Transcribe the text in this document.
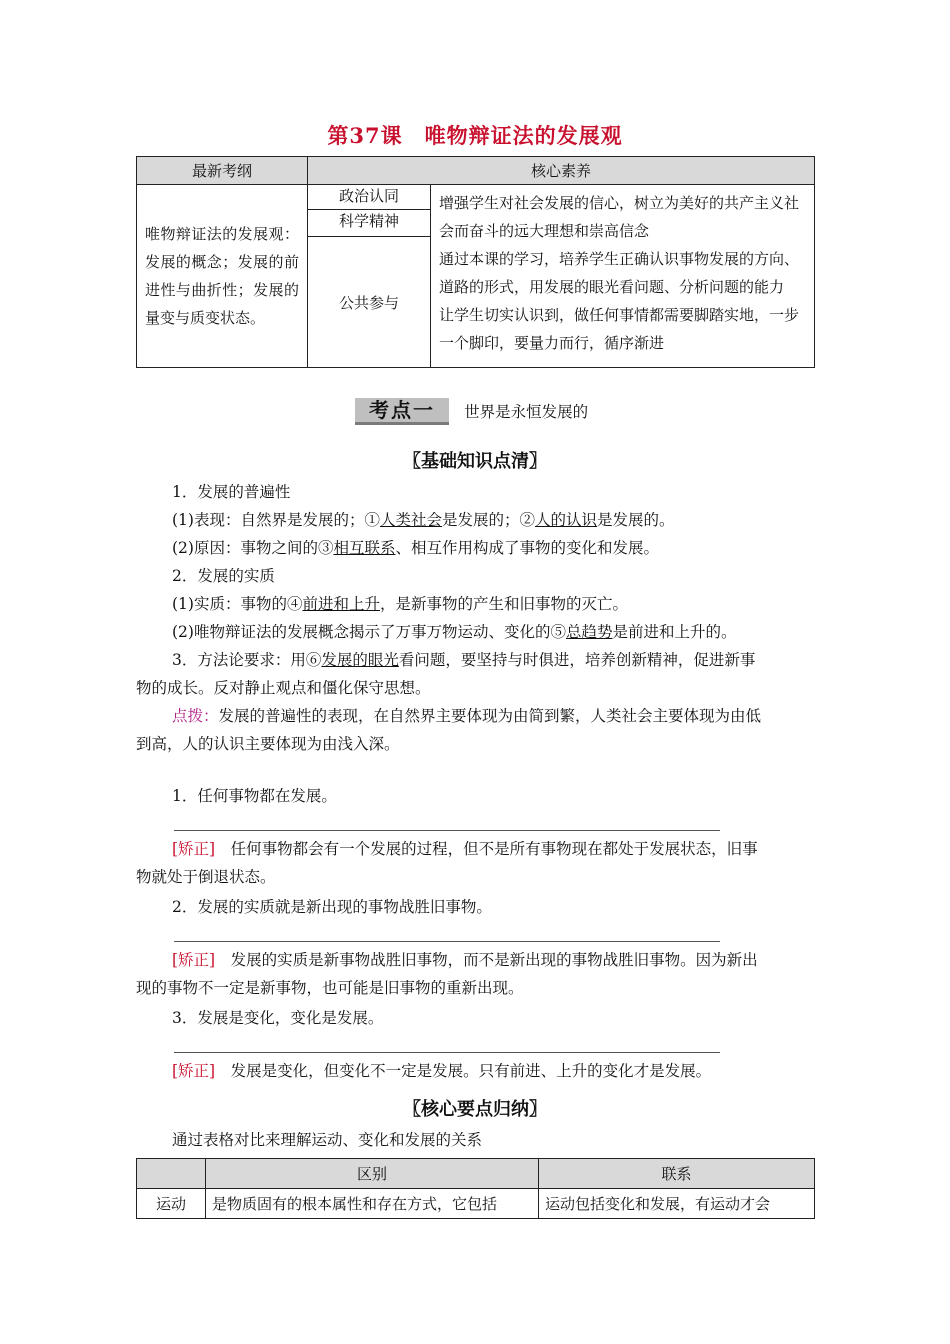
第37课　唯物辩证法的发展观
最新考纲	核心素养	
唯物辩证法的发展观：发展的概念；发展的前进性与曲折性；发展的量变与质变状态。	政治认同	增强学生对社会发展的信心，树立为美好的共产主义社会而奋斗的远大理想和崇高信念
通过本课的学习，培养学生正确认识事物发展的方向、道路的形式，用发展的眼光看问题、分析问题的能力
让学生切实认识到，做任何事情都需要脚踏实地，一步一个脚印，要量力而行，循序渐进

	科学精神	
	公共参与	
考点一 世界是永恒发展的
〖基础知识点清〗
1．发展的普遍性
(1)表现：自然界是发展的；①人类社会是发展的；②人的认识是发展的。
(2)原因：事物之间的③相互联系、相互作用构成了事物的变化和发展。
2．发展的实质
(1)实质：事物的④前进和上升，是新事物的产生和旧事物的灭亡。
(2)唯物辩证法的发展概念揭示了万事万物运动、变化的⑤总趋势是前进和上升的。
3．方法论要求：用⑥发展的眼光看问题，要坚持与时俱进，培养创新精神，促进新事
物的成长。反对静止观点和僵化保守思想。
点拨：发展的普遍性的表现，在自然界主要体现为由简到繁，人类社会主要体现为由低
到高，人的认识主要体现为由浅入深。
1．任何事物都在发展。
[矫正]　 任何事物都会有一个发展的过程，但不是所有事物现在都处于发展状态，旧事
物就处于倒退状态。
2．发展的实质就是新出现的事物战胜旧事物。
[矫正]　 发展的实质是新事物战胜旧事物，而不是新出现的事物战胜旧事物。因为新出
现的事物不一定是新事物，也可能是旧事物的重新出现。
3．发展是变化，变化是发展。
[矫正]　 发展是变化，但变化不一定是发展。只有前进、上升的变化才是发展。
〖核心要点归纳〗
通过表格对比来理解运动、变化和发展的关系
	区别	联系
运动	是物质固有的根本属性和存在方式，它包括	运动包括变化和发展，有运动才会
